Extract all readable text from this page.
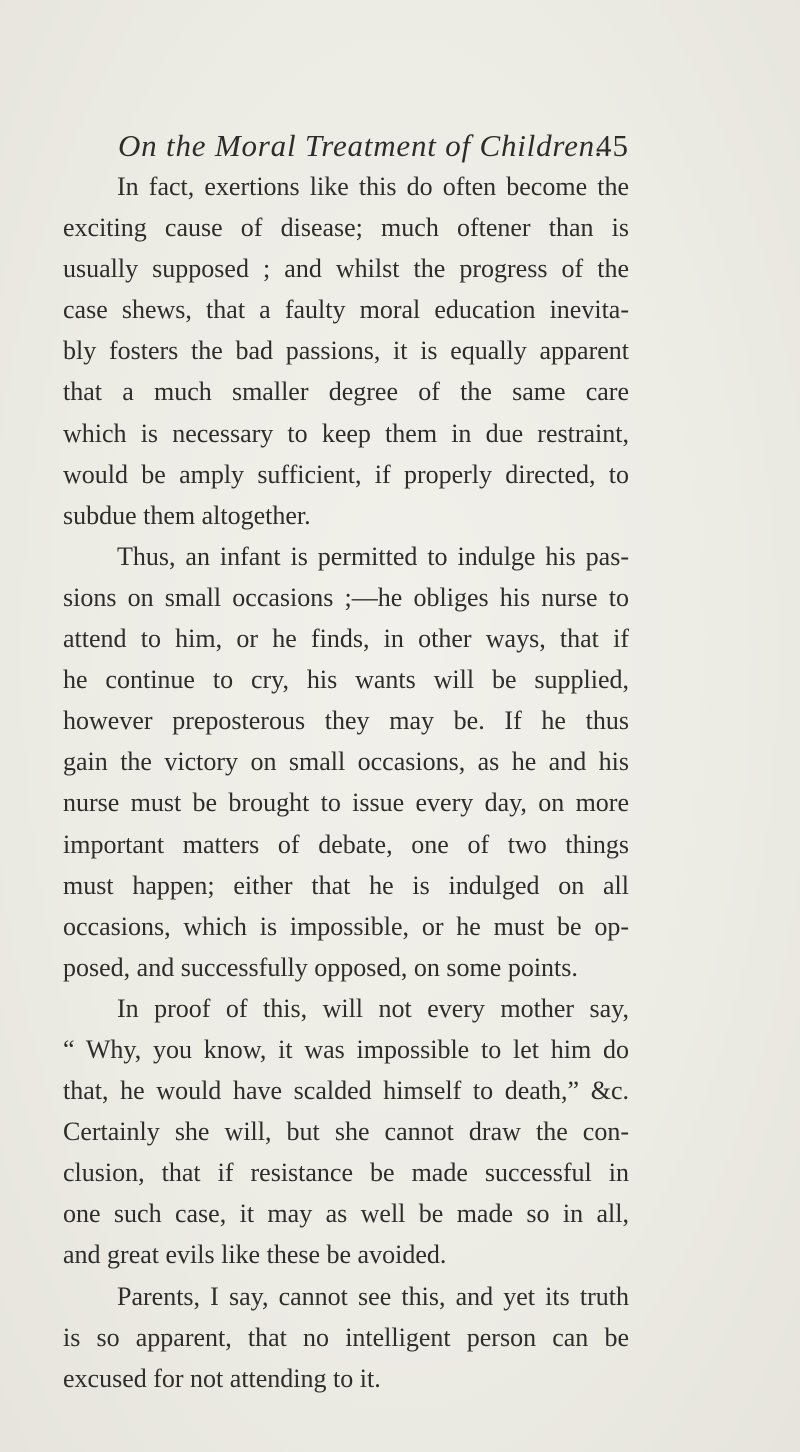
On the Moral Treatment of Children.
45
In fact, exertions like this do often become the
exciting cause of disease; much oftener than is
usually supposed ; and whilst the progress of the
case shews, that a faulty moral education inevita-
bly fosters the bad passions, it is equally apparent
that a much smaller degree of the same care
which is necessary to keep them in due restraint,
would be amply sufficient, if properly directed, to
subdue them altogether.
Thus, an infant is permitted to indulge his pas-
sions on small occasions ;—he obliges his nurse to
attend to him, or he finds, in other ways, that if
he continue to cry, his wants will be supplied,
however preposterous they may be. If he thus
gain the victory on small occasions, as he and his
nurse must be brought to issue every day, on more
important matters of debate, one of two things
must happen; either that he is indulged on all
occasions, which is impossible, or he must be op-
posed, and successfully opposed, on some points.
In proof of this, will not every mother say,
“ Why, you know, it was impossible to let him do
that, he would have scalded himself to death,” &c.
Certainly she will, but she cannot draw the con-
clusion, that if resistance be made successful in
one such case, it may as well be made so in all,
and great evils like these be avoided.
Parents, I say, cannot see this, and yet its truth
is so apparent, that no intelligent person can be
excused for not attending to it.
